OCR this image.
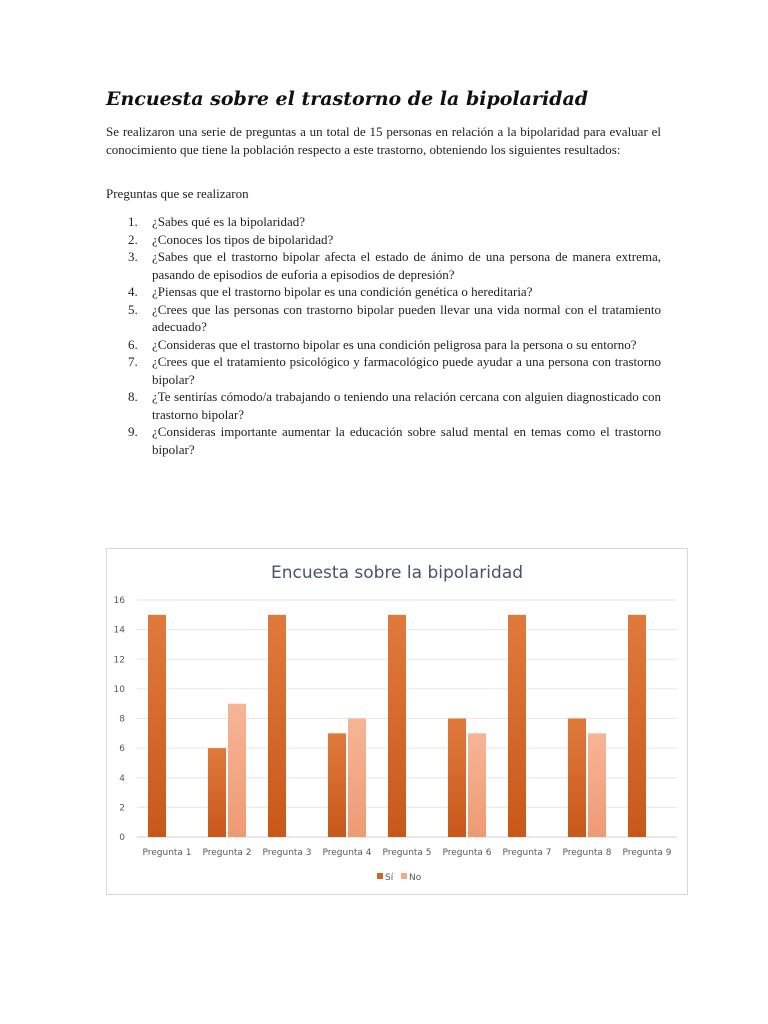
Encuesta sobre el trastorno de la bipolaridad

Se realizaron una serie de preguntas a un total de 15 personas en relación a la bipolaridad para evaluar el conocimiento que tiene la población respecto a este trastorno, obteniendo los siguientes resultados:

Preguntas que se realizaron

1. ¿Sabes qué es la bipolaridad?
2. ¿Conoces los tipos de bipolaridad?
3. ¿Sabes que el trastorno bipolar afecta el estado de ánimo de una persona de manera extrema, pasando de episodios de euforia a episodios de depresión?
4. ¿Piensas que el trastorno bipolar es una condición genética o hereditaria?
5. ¿Crees que las personas con trastorno bipolar pueden llevar una vida normal con el tratamiento adecuado?
6. ¿Consideras que el trastorno bipolar es una condición peligrosa para la persona o su entorno?
7. ¿Crees que el tratamiento psicológico y farmacológico puede ayudar a una persona con trastorno bipolar?
8. ¿Te sentirías cómodo/a trabajando o teniendo una relación cercana con alguien diagnosticado con trastorno bipolar?
9. ¿Consideras importante aumentar la educación sobre salud mental en temas como el trastorno bipolar?
Encuesta sobre la bipolaridad
0
2
4
6
8
10
12
14
16
Pregunta 1 Pregunta 2 Pregunta 3 Pregunta 4 Pregunta 5 Pregunta 6 Pregunta 7 Pregunta 8 Pregunta 9
Sí No
